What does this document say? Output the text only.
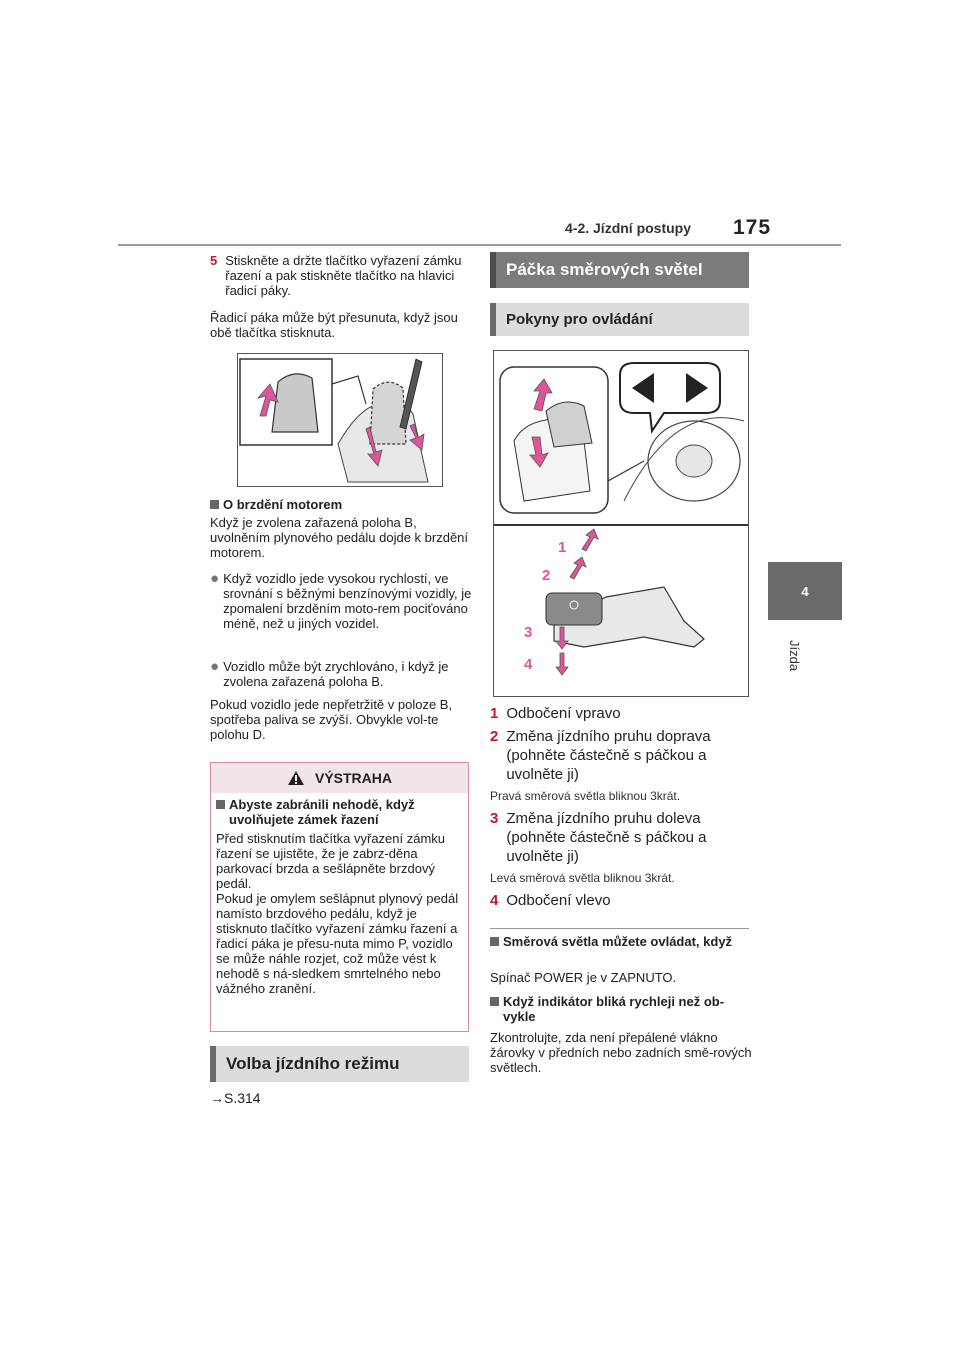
4-2. Jízdní postupy 175
4
Jízda
5 Stiskněte a držte tlačítko vyřazení zámku řazení a pak stiskněte tlačítko na hlavici řadicí páky.
Řadicí páka může být přesunuta, když jsou obě tlačítka stisknuta.
O brzdění motorem
Když je zvolena zařazená poloha B, uvolněním plynového pedálu dojde k brzdění motorem.
● Když vozidlo jede vysokou rychlostí, ve srovnání s běžnými benzínovými vozidly, je zpomalení brzděním moto-rem pociťováno méně, než u jiných vozidel.
● Vozidlo může být zrychlováno, i když je zvolena zařazená poloha B.
Pokud vozidlo jede nepřetržitě v poloze B, spotřeba paliva se zvýší. Obvykle vol-te polohu D.
VÝSTRAHA
Abyste zabránili nehodě, když uvolňujete zámek řazení
Před stisknutím tlačítka vyřazení zámku řazení se ujistěte, že je zabrz-děna parkovací brzda a sešlápněte brzdový pedál.
Pokud je omylem sešlápnut plynový pedál namísto brzdového pedálu, když je stisknuto tlačítko vyřazení zámku řazení a řadicí páka je přesu-nuta mimo P, vozidlo se může náhle rozjet, což může vést k nehodě s ná-sledkem smrtelného nebo vážného zranění.
Volba jízdního režimu
→S.314
Páčka směrových světel
Pokyny pro ovládání
1
2
3
4
1 Odbočení vpravo
2 Změna jízdního pruhu doprava (pohněte částečně s páčkou a uvolněte ji)
Pravá směrová světla bliknou 3krát.
3 Změna jízdního pruhu doleva (pohněte částečně s páčkou a uvolněte ji)
Levá směrová světla bliknou 3krát.
4 Odbočení vlevo
Směrová světla můžete ovládat, když
Spínač POWER je v ZAPNUTO.
Když indikátor bliká rychleji než ob-vykle
Zkontrolujte, zda není přepálené vlákno žárovky v předních nebo zadních smě-rových světlech.
